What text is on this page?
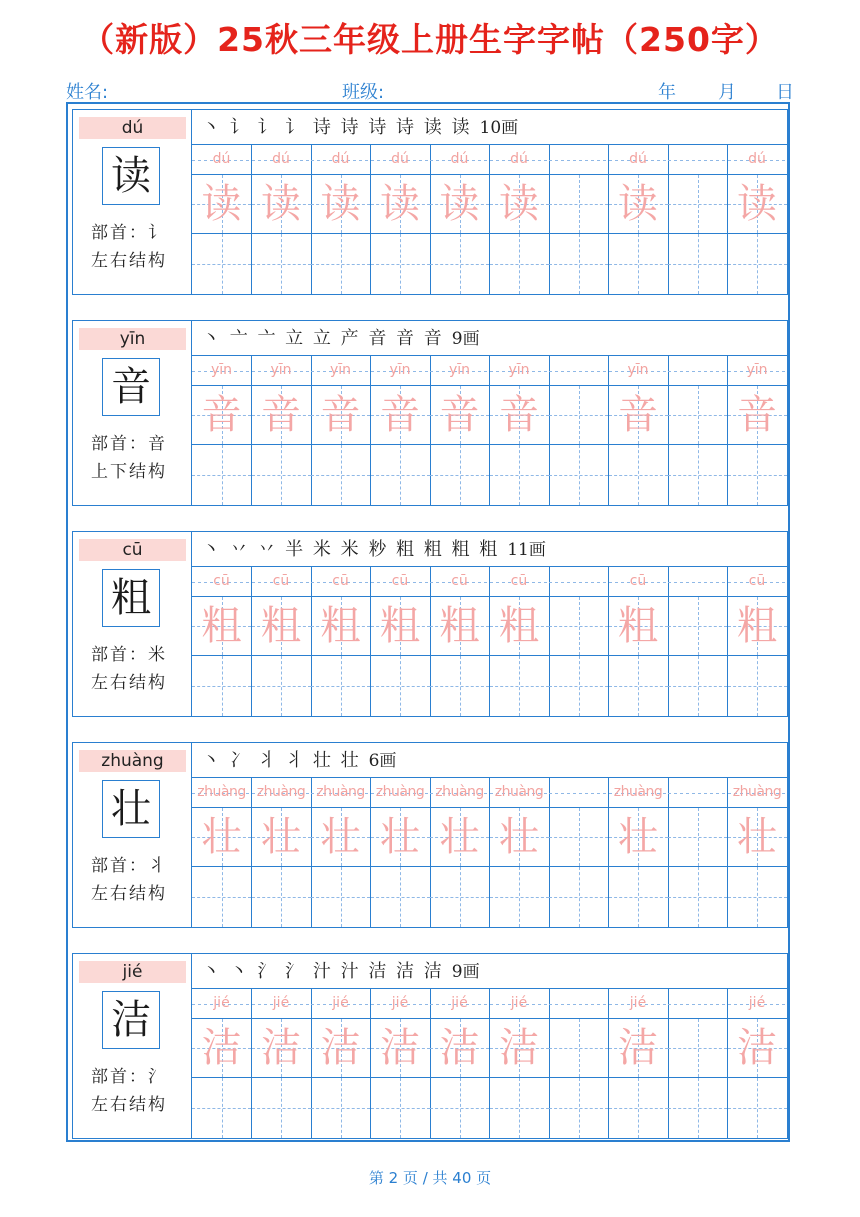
（新版）25秋三年级上册生字字帖（250字）
姓名:	班级:	年 月 日
dú
读
部首：讠
左右结构
丶 讠 讠 讠 诗 诗 诗 诗 读 读 10画
dú
读
dú
读
dú
读
dú
读
dú
读
dú
读
dú
读
dú
读
yīn
音
部首：音
上下结构
丶 亠 亠 立 立 产 音 音 音 9画
yīn
音
yīn
音
yīn
音
yīn
音
yīn
音
yīn
音
yīn
音
yīn
音
cū
粗
部首：米
左右结构
丶 丷 丷 半 米 米 粆 粗 粗 粗 粗 11画
cū
粗
cū
粗
cū
粗
cū
粗
cū
粗
cū
粗
cū
粗
cū
粗
zhuàng
壮
部首：丬
左右结构
丶 冫 丬 丬 壮 壮 6画
zhuàng
壮
zhuàng
壮
zhuàng
壮
zhuàng
壮
zhuàng
壮
zhuàng
壮
zhuàng
壮
zhuàng
壮
jié
洁
部首：氵
左右结构
丶 丶 氵 氵 汁 汁 洁 洁 洁 9画
jié
洁
jié
洁
jié
洁
jié
洁
jié
洁
jié
洁
jié
洁
jié
洁
第 2 页 / 共 40 页
